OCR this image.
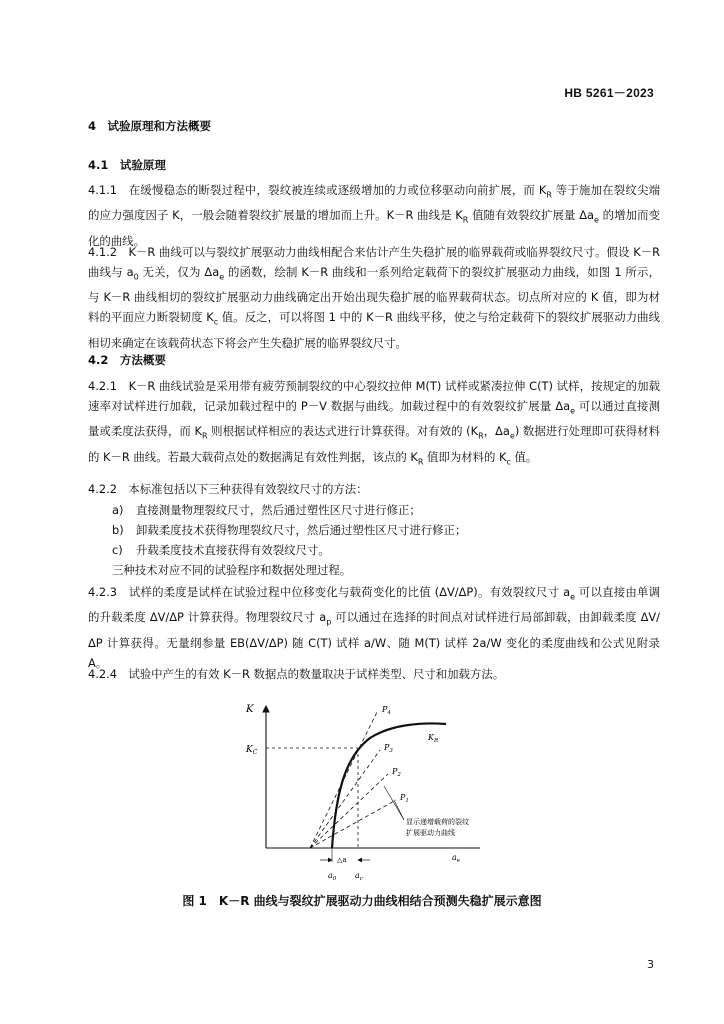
HB 5261－2023
4　试验原理和方法概要
4.1　试验原理
4.1.1　在缓慢稳态的断裂过程中，裂纹被连续或逐级增加的力或位移驱动向前扩展，而 $K_R$ 等于施加在裂纹尖端的应力强度因子 K，一般会随着裂纹扩展量的增加而上升。K－R 曲线是 $K_R$ 值随有效裂纹扩展量 $\Delta a_e$ 的增加而变化的曲线。
4.1.2　K－R 曲线可以与裂纹扩展驱动力曲线相配合来估计产生失稳扩展的临界载荷或临界裂纹尺寸。假设 K－R 曲线与 $a_0$ 无关，仅为 $\Delta a_e$ 的函数，绘制 K－R 曲线和一系列给定载荷下的裂纹扩展驱动力曲线，如图 1 所示，与 K－R 曲线相切的裂纹扩展驱动力曲线确定出开始出现失稳扩展的临界载荷状态。切点所对应的 K 值，即为材料的平面应力断裂韧度 $K_c$ 值。反之，可以将图 1 中的 K－R 曲线平移，使之与给定载荷下的裂纹扩展驱动力曲线相切来确定在该载荷状态下将会产生失稳扩展的临界裂纹尺寸。
4.2　方法概要
4.2.1　K－R 曲线试验是采用带有疲劳预制裂纹的中心裂纹拉伸 M(T) 试样或紧凑拉伸 C(T) 试样，按规定的加载速率对试样进行加载，记录加载过程中的 P－V 数据与曲线。加载过程中的有效裂纹扩展量 $\Delta a_e$ 可以通过直接测量或柔度法获得，而 $K_R$ 则根据试样相应的表达式进行计算获得。对有效的 ($K_R$，$\Delta a_e$) 数据进行处理即可获得材料的 K－R 曲线。若最大载荷点处的数据满足有效性判据，该点的 $K_R$ 值即为材料的 $K_c$ 值。
4.2.2　本标准包括以下三种获得有效裂纹尺寸的方法：
a) 直接测量物理裂纹尺寸，然后通过塑性区尺寸进行修正；
b) 卸载柔度技术获得物理裂纹尺寸，然后通过塑性区尺寸进行修正；
c) 升载柔度技术直接获得有效裂纹尺寸。
三种技术对应不同的试验程序和数据处理过程。
4.2.3　试样的柔度是试样在试验过程中位移变化与载荷变化的比值 (ΔV/ΔP)。有效裂纹尺寸 $a_e$ 可以直接由单调的升载柔度 ΔV/ΔP 计算获得。物理裂纹尺寸 $a_p$ 可以通过在选择的时间点对试样进行局部卸载，由卸载柔度 ΔV/ΔP 计算获得。无量纲参量 EB(ΔV/ΔP) 随 C(T) 试样 a/W、随 M(T) 试样 2a/W 变化的柔度曲线和公式见附录 A。
4.2.4　试验中产生的有效 K－R 数据点的数量取决于试样类型、尺寸和加载方法。
K
$K_C$
$K_R$
$P_4$
$P_3$
$P_2$
$P_1$
显示递增载荷的裂纹
扩展驱动力曲线
△a
$a_0$ $a_c$
$a_e$
图 1　K－R 曲线与裂纹扩展驱动力曲线相结合预测失稳扩展示意图
3
